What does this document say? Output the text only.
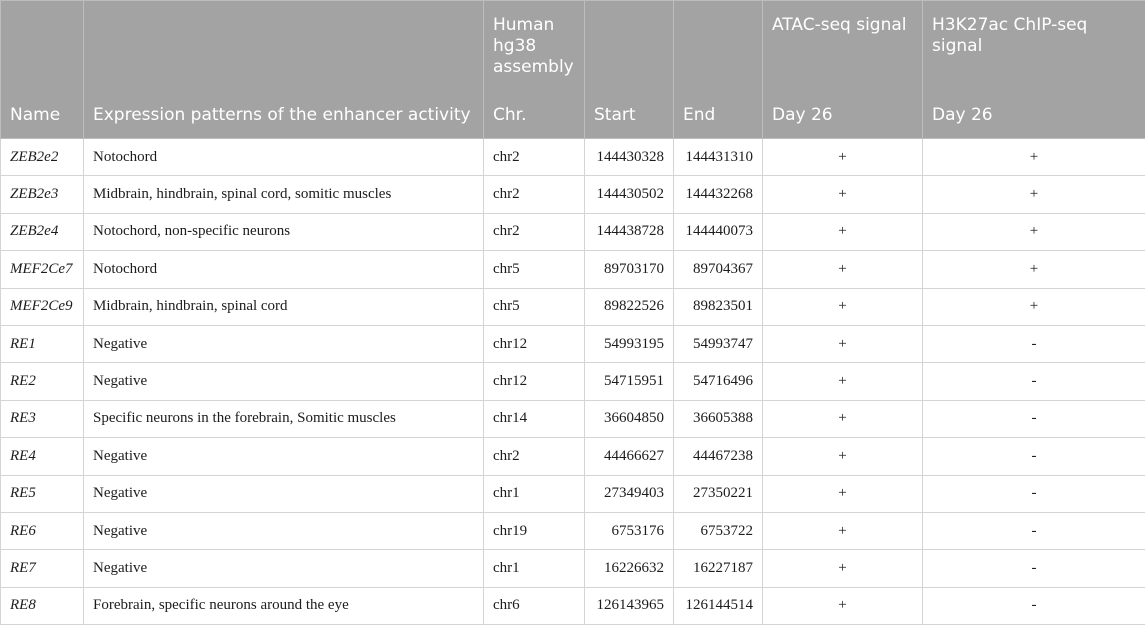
		Human hg38 assembly			ATAC-seq signal	H3K27ac ChIP-seq signal
Name	Expression patterns of the enhancer activity	Chr.	Start	End	Day 26	Day 26
ZEB2e2	Notochord	chr2	144430328	144431310	+	+
ZEB2e3	Midbrain, hindbrain, spinal cord, somitic muscles	chr2	144430502	144432268	+	+
ZEB2e4	Notochord, non-specific neurons	chr2	144438728	144440073	+	+
MEF2Ce7	Notochord	chr5	89703170	89704367	+	+
MEF2Ce9	Midbrain, hindbrain, spinal cord	chr5	89822526	89823501	+	+
RE1	Negative	chr12	54993195	54993747	+	-
RE2	Negative	chr12	54715951	54716496	+	-
RE3	Specific neurons in the forebrain, Somitic muscles	chr14	36604850	36605388	+	-
RE4	Negative	chr2	44466627	44467238	+	-
RE5	Negative	chr1	27349403	27350221	+	-
RE6	Negative	chr19	6753176	6753722	+	-
RE7	Negative	chr1	16226632	16227187	+	-
RE8	Forebrain, specific neurons around the eye	chr6	126143965	126144514	+	-
